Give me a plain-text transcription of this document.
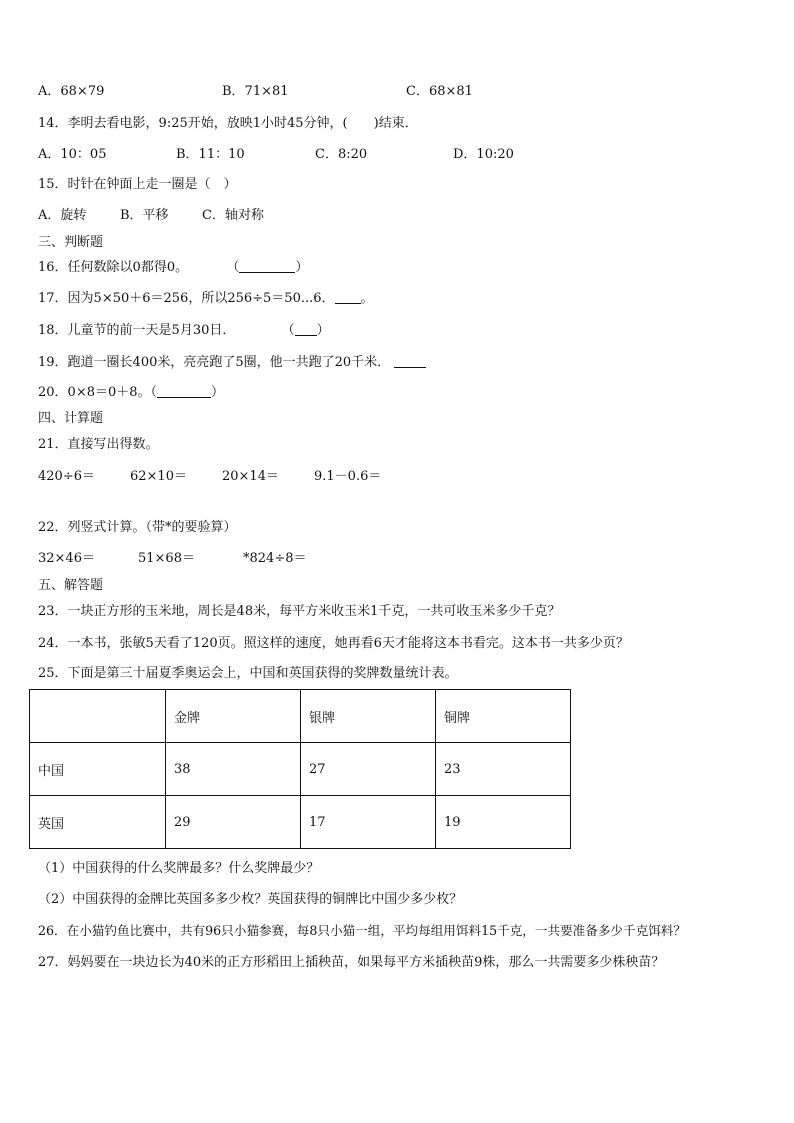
A．68×79	B．71×81	C．68×81
14．李明去看电影，9:25开始，放映1小时45分钟，(　　)结束．
A．10：05	B．11：10	C．8:20	D．10:20
15．时针在钟面上走一圈是（　）
A．旋转	B．平移	C．轴对称
三、判断题
16．任何数除以0都得0。	（	）
17．因为5×50＋6＝256，所以256÷5＝50...6． 。
18．儿童节的前一天是5月30日．	（ ）
19．跑道一圈长400米，亮亮跑了5圈，他一共跑了20千米．
20．0×8＝0＋8。（	）
四、计算题
21．直接写出得数。
420÷6＝	62×10＝	20×14＝	9.1－0.6＝
22．列竖式计算。（带*的要验算）
32×46＝	51×68＝	*824÷8＝
五、解答题
23．一块正方形的玉米地，周长是48米，每平方米收玉米1千克，一共可收玉米多少千克？
24．一本书，张敏5天看了120页。照这样的速度，她再看6天才能将这本书看完。这本书一共多少页？
25．下面是第三十届夏季奥运会上，中国和英国获得的奖牌数量统计表。
	金牌	银牌	铜牌
中国	38	27	23
英国	29	17	19
（1）中国获得的什么奖牌最多？什么奖牌最少？
（2）中国获得的金牌比英国多多少枚？英国获得的铜牌比中国少多少枚？
26．在小猫钓鱼比赛中，共有96只小猫参赛，每8只小猫一组，平均每组用饵料15千克，一共要准备多少千克饵料？
27．妈妈要在一块边长为40米的正方形稻田上插秧苗，如果每平方米插秧苗9株，那么一共需要多少株秧苗？
